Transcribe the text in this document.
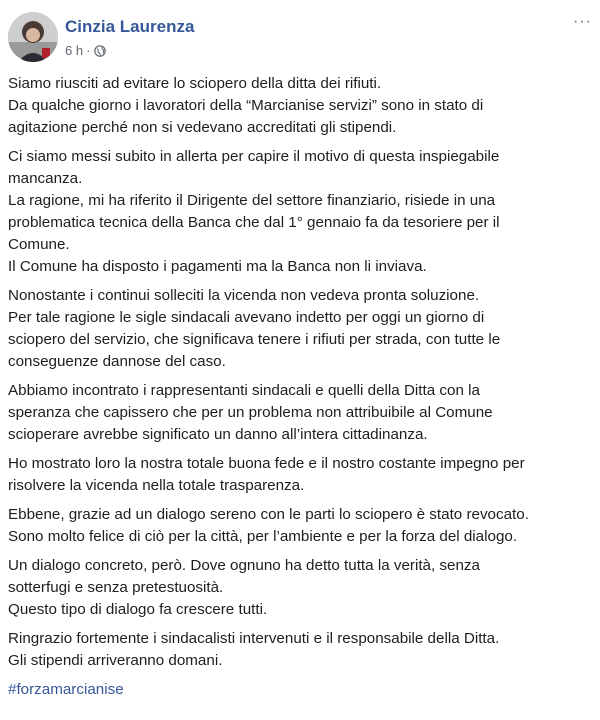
Cinzia Laurenza
6 h ·
···
Siamo riusciti ad evitare lo sciopero della ditta dei rifiuti.
Da qualche giorno i lavoratori della “Marcianise servizi” sono in stato di
agitazione perché non si vedevano accreditati gli stipendi.
Ci siamo messi subito in allerta per capire il motivo di questa inspiegabile
mancanza.
La ragione, mi ha riferito il Dirigente del settore finanziario, risiede in una
problematica tecnica della Banca che dal 1° gennaio fa da tesoriere per il
Comune.
Il Comune ha disposto i pagamenti ma la Banca non li inviava.
Nonostante i continui solleciti la vicenda non vedeva pronta soluzione.
Per tale ragione le sigle sindacali avevano indetto per oggi un giorno di
sciopero del servizio, che significava tenere i rifiuti per strada, con tutte le
conseguenze dannose del caso.
Abbiamo incontrato i rappresentanti sindacali e quelli della Ditta con la
speranza che capissero che per un problema non attribuibile al Comune
scioperare avrebbe significato un danno all’intera cittadinanza.
Ho mostrato loro la nostra totale buona fede e il nostro costante impegno per
risolvere la vicenda nella totale trasparenza.
Ebbene, grazie ad un dialogo sereno con le parti lo sciopero è stato revocato.
Sono molto felice di ciò per la città, per l’ambiente e per la forza del dialogo.
Un dialogo concreto, però. Dove ognuno ha detto tutta la verità, senza
sotterfugi e senza pretestuosità.
Questo tipo di dialogo fa crescere tutti.
Ringrazio fortemente i sindacalisti intervenuti e il responsabile della Ditta.
Gli stipendi arriveranno domani.
#forzamarcianise
